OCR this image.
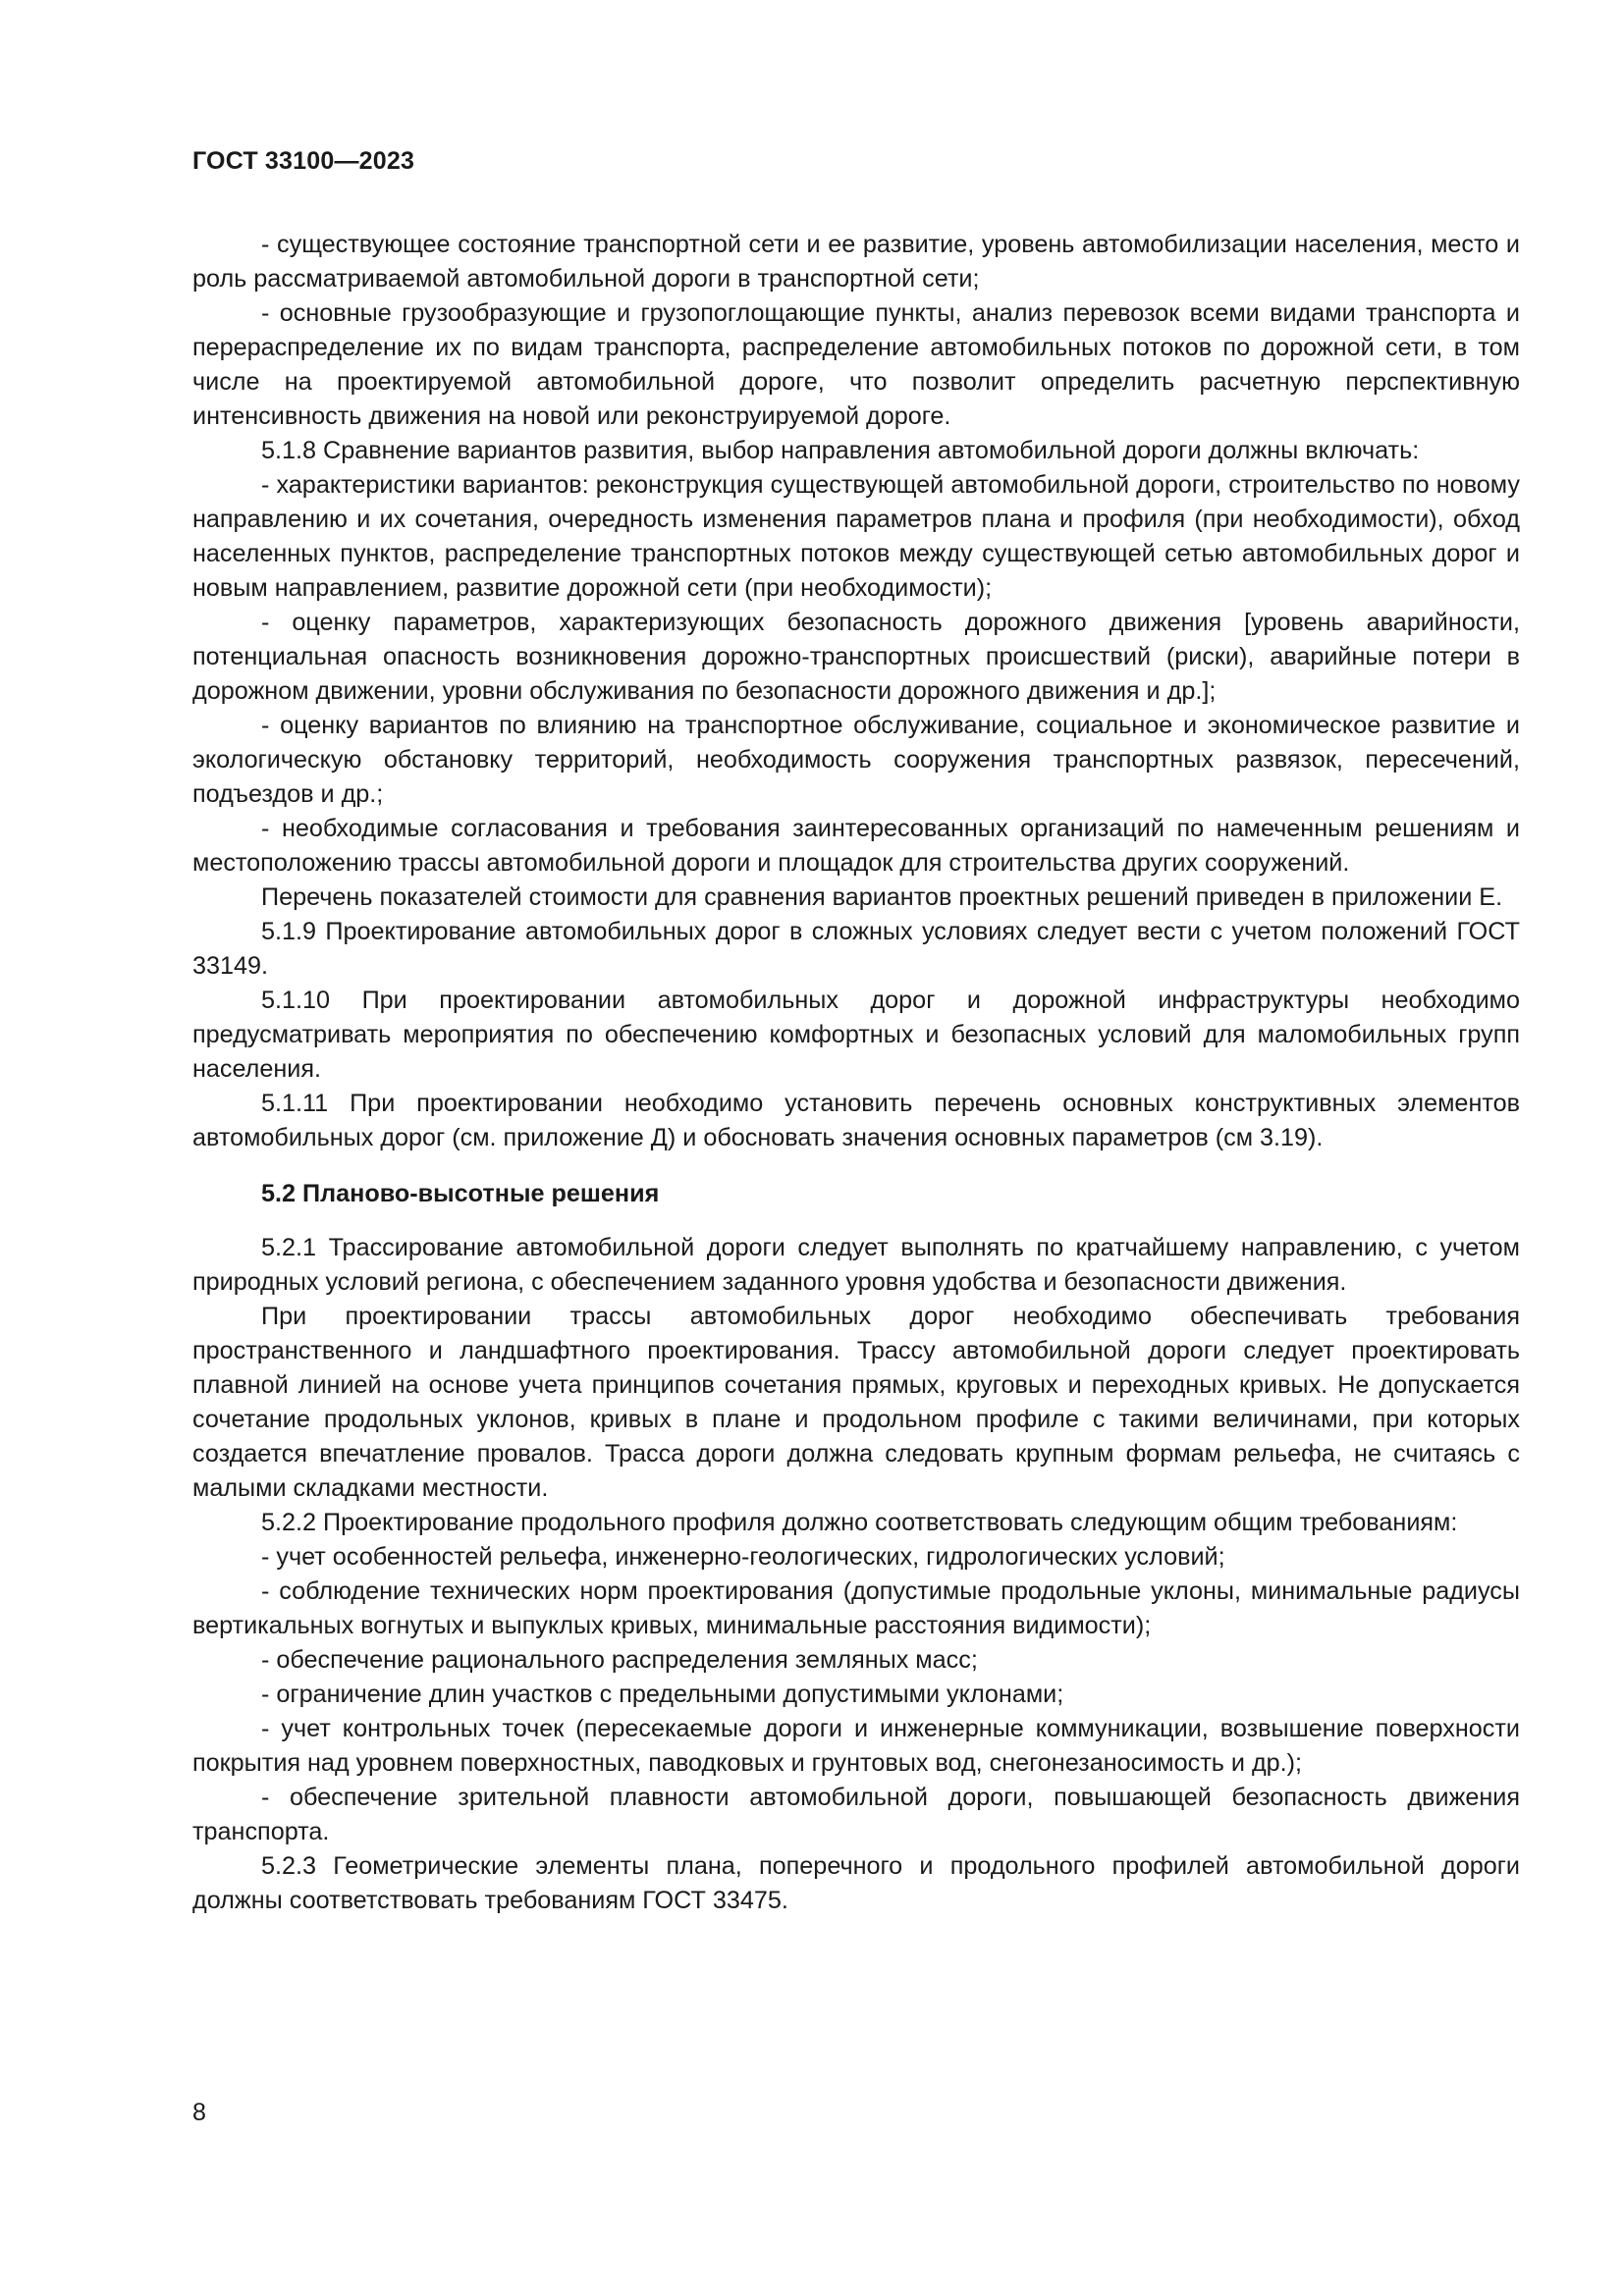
ГОСТ 33100—2023

- существующее состояние транспортной сети и ее развитие, уровень автомобилизации населения, место и роль рассматриваемой автомобильной дороги в транспортной сети;

- основные грузообразующие и грузопоглощающие пункты, анализ перевозок всеми видами транспорта и перераспределение их по видам транспорта, распределение автомобильных потоков по дорожной сети, в том числе на проектируемой автомобильной дороге, что позволит определить расчетную перспективную интенсивность движения на новой или реконструируемой дороге.

5.1.8 Сравнение вариантов развития, выбор направления автомобильной дороги должны включать:

- характеристики вариантов: реконструкция существующей автомобильной дороги, строительство по новому направлению и их сочетания, очередность изменения параметров плана и профиля (при необходимости), обход населенных пунктов, распределение транспортных потоков между существующей сетью автомобильных дорог и новым направлением, развитие дорожной сети (при необходимости);

- оценку параметров, характеризующих безопасность дорожного движения [уровень аварийности, потенциальная опасность возникновения дорожно-транспортных происшествий (риски), аварийные потери в дорожном движении, уровни обслуживания по безопасности дорожного движения и др.];

- оценку вариантов по влиянию на транспортное обслуживание, социальное и экономическое развитие и экологическую обстановку территорий, необходимость сооружения транспортных развязок, пересечений, подъездов и др.;

- необходимые согласования и требования заинтересованных организаций по намеченным решениям и местоположению трассы автомобильной дороги и площадок для строительства других сооружений.

Перечень показателей стоимости для сравнения вариантов проектных решений приведен в приложении Е.

5.1.9 Проектирование автомобильных дорог в сложных условиях следует вести с учетом положений ГОСТ 33149.

5.1.10 При проектировании автомобильных дорог и дорожной инфраструктуры необходимо предусматривать мероприятия по обеспечению комфортных и безопасных условий для маломобильных групп населения.

5.1.11 При проектировании необходимо установить перечень основных конструктивных элементов автомобильных дорог (см. приложение Д) и обосновать значения основных параметров (см 3.19).

5.2 Планово-высотные решения

5.2.1 Трассирование автомобильной дороги следует выполнять по кратчайшему направлению, с учетом природных условий региона, с обеспечением заданного уровня удобства и безопасности движения.

При проектировании трассы автомобильных дорог необходимо обеспечивать требования пространственного и ландшафтного проектирования. Трассу автомобильной дороги следует проектировать плавной линией на основе учета принципов сочетания прямых, круговых и переходных кривых. Не допускается сочетание продольных уклонов, кривых в плане и продольном профиле с такими величинами, при которых создается впечатление провалов. Трасса дороги должна следовать крупным формам рельефа, не считаясь с малыми складками местности.

5.2.2 Проектирование продольного профиля должно соответствовать следующим общим требованиям:

- учет особенностей рельефа, инженерно-геологических, гидрологических условий;

- соблюдение технических норм проектирования (допустимые продольные уклоны, минимальные радиусы вертикальных вогнутых и выпуклых кривых, минимальные расстояния видимости);

- обеспечение рационального распределения земляных масс;

- ограничение длин участков с предельными допустимыми уклонами;

- учет контрольных точек (пересекаемые дороги и инженерные коммуникации, возвышение поверхности покрытия над уровнем поверхностных, паводковых и грунтовых вод, снегонезаносимость и др.);

- обеспечение зрительной плавности автомобильной дороги, повышающей безопасность движения транспорта.

5.2.3 Геометрические элементы плана, поперечного и продольного профилей автомобильной дороги должны соответствовать требованиям ГОСТ 33475.

8
